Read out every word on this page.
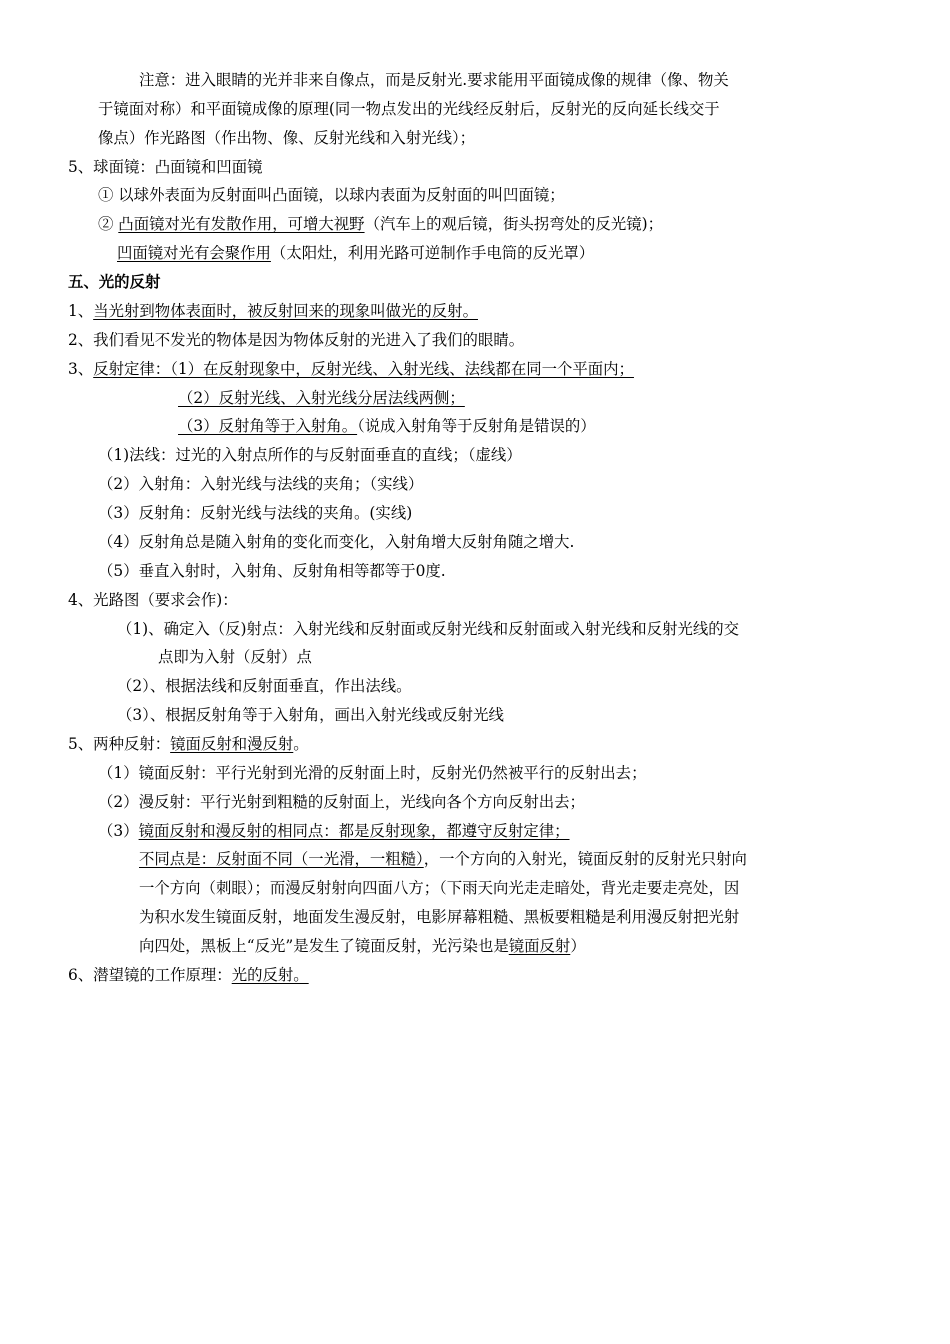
注意：进入眼睛的光并非来自像点，而是反射光.要求能用平面镜成像的规律（像、物关
于镜面对称）和平面镜成像的原理(同一物点发出的光线经反射后，反射光的反向延长线交于
像点）作光路图（作出物、像、反射光线和入射光线）；
5、球面镜：凸面镜和凹面镜
① 以球外表面为反射面叫凸面镜，以球内表面为反射面的叫凹面镜；
② 凸面镜对光有发散作用，可增大视野（汽车上的观后镜，街头拐弯处的反光镜)；
凹面镜对光有会聚作用（太阳灶，利用光路可逆制作手电筒的反光罩）
五、光的反射
1、当光射到物体表面时，被反射回来的现象叫做光的反射。
2、我们看见不发光的物体是因为物体反射的光进入了我们的眼睛。
3、反射定律：（1）在反射现象中，反射光线、入射光线、法线都在同一个平面内；
（2）反射光线、入射光线分居法线两侧；
（3）反射角等于入射角。（说成入射角等于反射角是错误的）
（1)法线：过光的入射点所作的与反射面垂直的直线；（虚线）
（2）入射角：入射光线与法线的夹角；（实线）
（3）反射角：反射光线与法线的夹角。(实线)
（4）反射角总是随入射角的变化而变化，入射角增大反射角随之增大.
（5）垂直入射时，入射角、反射角相等都等于0度.
4、光路图（要求会作)：
（1)、确定入（反)射点：入射光线和反射面或反射光线和反射面或入射光线和反射光线的交
点即为入射（反射）点
（2）、根据法线和反射面垂直，作出法线。
（3）、根据反射角等于入射角，画出入射光线或反射光线
5、两种反射：镜面反射和漫反射。
（1）镜面反射：平行光射到光滑的反射面上时，反射光仍然被平行的反射出去；
（2）漫反射：平行光射到粗糙的反射面上，光线向各个方向反射出去；
（3）镜面反射和漫反射的相同点：都是反射现象，都遵守反射定律；
不同点是：反射面不同（一光滑，一粗糙），一个方向的入射光，镜面反射的反射光只射向
一个方向（刺眼）；而漫反射射向四面八方；（下雨天向光走走暗处，背光走要走亮处，因
为积水发生镜面反射，地面发生漫反射，电影屏幕粗糙、黑板要粗糙是利用漫反射把光射
向四处，黑板上“反光”是发生了镜面反射，光污染也是镜面反射）
6、潜望镜的工作原理：光的反射。
